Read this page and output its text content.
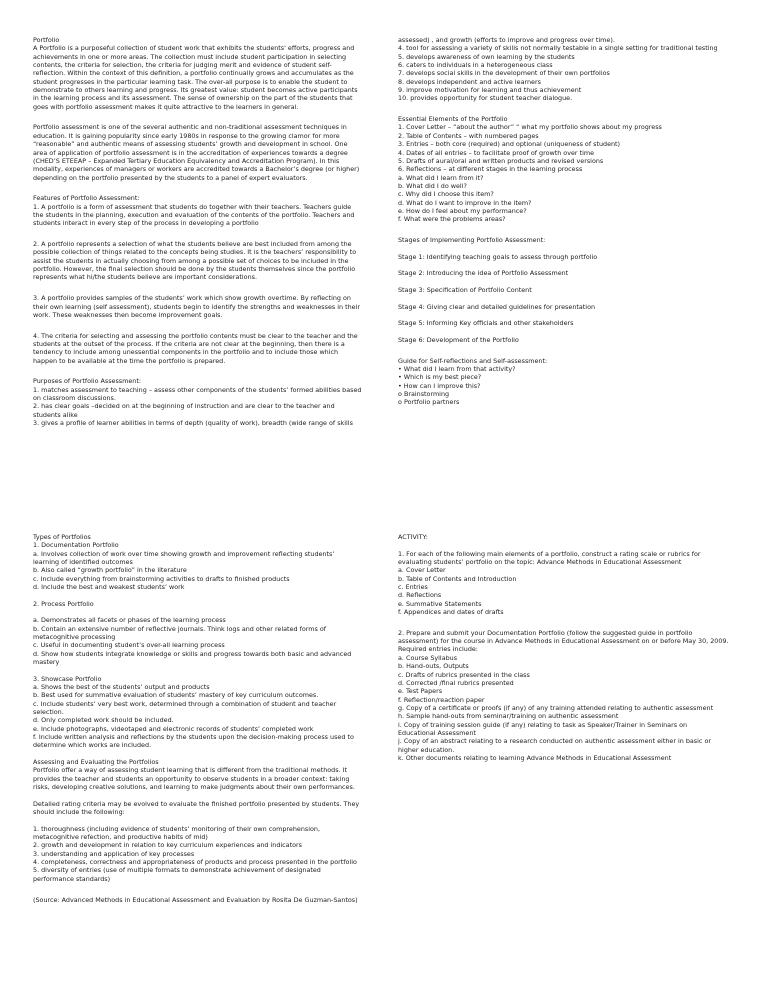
Portfolio
A Portfolio is a purposeful collection of student work that exhibits the students' efforts, progress and
achievements in one or more areas. The collection must include student participation in selecting
contents, the criteria for selection, the criteria for judging merit and evidence of student self-
reflection. Within the context of this definition, a portfolio continually grows and accumulates as the
student progresses in the particular learning task. The over-all purpose is to enable the student to
demonstrate to others learning and progress. Its greatest value: student becomes active participants
in the learning process and its assessment. The sense of ownership on the part of the students that
goes with portfolio assessment makes it quite attractive to the learners in general.
Portfolio assessment is one of the several authentic and non-traditional assessment techniques in
education. It is gaining popularity since early 1980s in response to the growing clamor for more
“reasonable” and authentic means of assessing students’ growth and development in school. One
area of application of portfolio assessment is in the accreditation of experiences towards a degree
(CHED’S ETEEAP – Expanded Tertiary Education Equivalency and Accreditation Program). In this
modality, experiences of managers or workers are accredited towards a Bachelor’s degree (or higher)
depending on the portfolio presented by the students to a panel of expert evaluators.
Features of Portfolio Assessment:
1. A portfolio is a form of assessment that students do together with their teachers. Teachers guide
the students in the planning, execution and evaluation of the contents of the portfolio. Teachers and
students interact in every step of the process in developing a portfolio
2. A portfolio represents a selection of what the students believe are best included from among the
possible collection of things related to the concepts being studies. It is the teachers’ responsibility to
assist the students in actually choosing from among a possible set of choices to be included in the
portfolio. However, the final selection should be done by the students themselves since the portfolio
represents what hi/the students believe are important considerations.
3. A portfolio provides samples of the students’ work which show growth overtime. By reflecting on
their own learning (self assessment), students begin to identify the strengths and weaknesses in their
work. These weaknesses then become improvement goals.
4. The criteria for selecting and assessing the portfolio contents must be clear to the teacher and the
students at the outset of the process. If the criteria are not clear at the beginning, then there is a
tendency to include among unessential components in the portfolio and to include those which
happen to be available at the time the portfolio is prepared.
Purposes of Portfolio Assessment:
1. matches assessment to teaching – assess other components of the students’ formed abilities based
on classroom discussions.
2. has clear goals –decided on at the beginning of instruction and are clear to the teacher and
students alike
3. gives a profile of learner abilities in terms of depth (quality of work), breadth (wide range of skills
assessed) , and growth (efforts to improve and progress over time).
4. tool for assessing a variety of skills not normally testable in a single setting for traditional testing
5. develops awareness of own learning by the students
6. caters to individuals in a heterogeneous class
7. develops social skills in the development of their own portfolios
8. develops independent and active learners
9. improve motivation for learning and thus achievement
10. provides opportunity for student teacher dialogue.
Essential Elements of the Portfolio
1. Cover Letter – “about the author” “ what my portfolio shows about my progress
2. Table of Contents – with numbered pages
3. Entries – both core (required) and optional (uniqueness of student)
4. Dates of all entries – to facilitate proof of growth over time
5. Drafts of aural/oral and written products and revised versions
6. Reflections – at different stages in the learning process
a. What did I learn from it?
b. What did I do well?
c. Why did I choose this item?
d. What do I want to improve in the item?
e. How do I feel about my performance?
f. What were the problems areas?
Stages of Implementing Portfolio Assessment:
Stage 1: Identifying teaching goals to assess through portfolio
Stage 2: Introducing the idea of Portfolio Assessment
Stage 3: Specification of Portfolio Content
Stage 4: Giving clear and detailed guidelines for presentation
Stage 5: Informing Key officials and other stakeholders
Stage 6: Development of the Portfolio
Guide for Self-reflections and Self-assessment:
• What did I learn from that activity?
• Which is my best piece?
• How can I improve this?
o Brainstorming
o Portfolio partners
Types of Portfolios
1. Documentation Portfolio
a. Involves collection of work over time showing growth and improvement reflecting students’
learning of identified outcomes
b. Also called “growth portfolio” in the literature
c. Include everything from brainstorming activities to drafts to finished products
d. Include the best and weakest students’ work
2. Process Portfolio
a. Demonstrates all facets or phases of the learning process
b. Contain an extensive number of reflective journals. Think logs and other related forms of
metacognitive processing
c. Useful in documenting student’s over-all learning process
d. Show how students integrate knowledge or skills and progress towards both basic and advanced
mastery
3. Showcase Portfolio
a. Shows the best of the students’ output and products
b. Best used for summative evaluation of students’ mastery of key curriculum outcomes.
c. Include students’ very best work, determined through a combination of student and teacher
selection.
d. Only completed work should be included.
e. Include photographs, videotaped and electronic records of students’ completed work
f. Include written analysis and reflections by the students upon the decision-making process used to
determine which works are included.
Assessing and Evaluating the Portfolios
Portfolio offer a way of assessing student learning that is different from the traditional methods. It
provides the teacher and students an opportunity to observe students in a broader context: taking
risks, developing creative solutions, and learning to make judgments about their own performances.
Detailed rating criteria may be evolved to evaluate the finished portfolio presented by students. They
should include the following:
1. thoroughness (including evidence of students’ monitoring of their own comprehension,
metacognitive refection, and productive habits of mid)
2. growth and development in relation to key curriculum experiences and indicators
3. understanding and application of key processes
4. completeness, correctness and appropriateness of products and process presented in the portfolio
5. diversity of entries (use of multiple formats to demonstrate achievement of designated
performance standards)
(Source: Advanced Methods in Educational Assessment and Evaluation by Rosita De Guzman-Santos)
ACTIVITY:
1. For each of the following main elements of a portfolio, construct a rating scale or rubrics for
evaluating students’ portfolio on the topic: Advance Methods in Educational Assessment
a. Cover Letter
b. Table of Contents and Introduction
c. Entries
d. Reflections
e. Summative Statements
f. Appendices and dates of drafts
2. Prepare and submit your Documentation Portfolio (follow the suggested guide in portfolio
assessment) for the course in Advance Methods in Educational Assessment on or before May 30, 2009.
Required entries include:
a. Course Syllabus
b. Hand-outs, Outputs
c. Drafts of rubrics presented in the class
d. Corrected /final rubrics presented
e. Test Papers
f. Reflection/reaction paper
g. Copy of a certificate or proofs (if any) of any training attended relating to authentic assessment
h. Sample hand-outs from seminar/training on authentic assessment
i. Copy of training session guide (if any) relating to task as Speaker/Trainer in Seminars on
Educational Assessment
j. Copy of an abstract relating to a research conducted on authentic assessment either in basic or
higher education.
k. Other documents relating to learning Advance Methods in Educational Assessment
